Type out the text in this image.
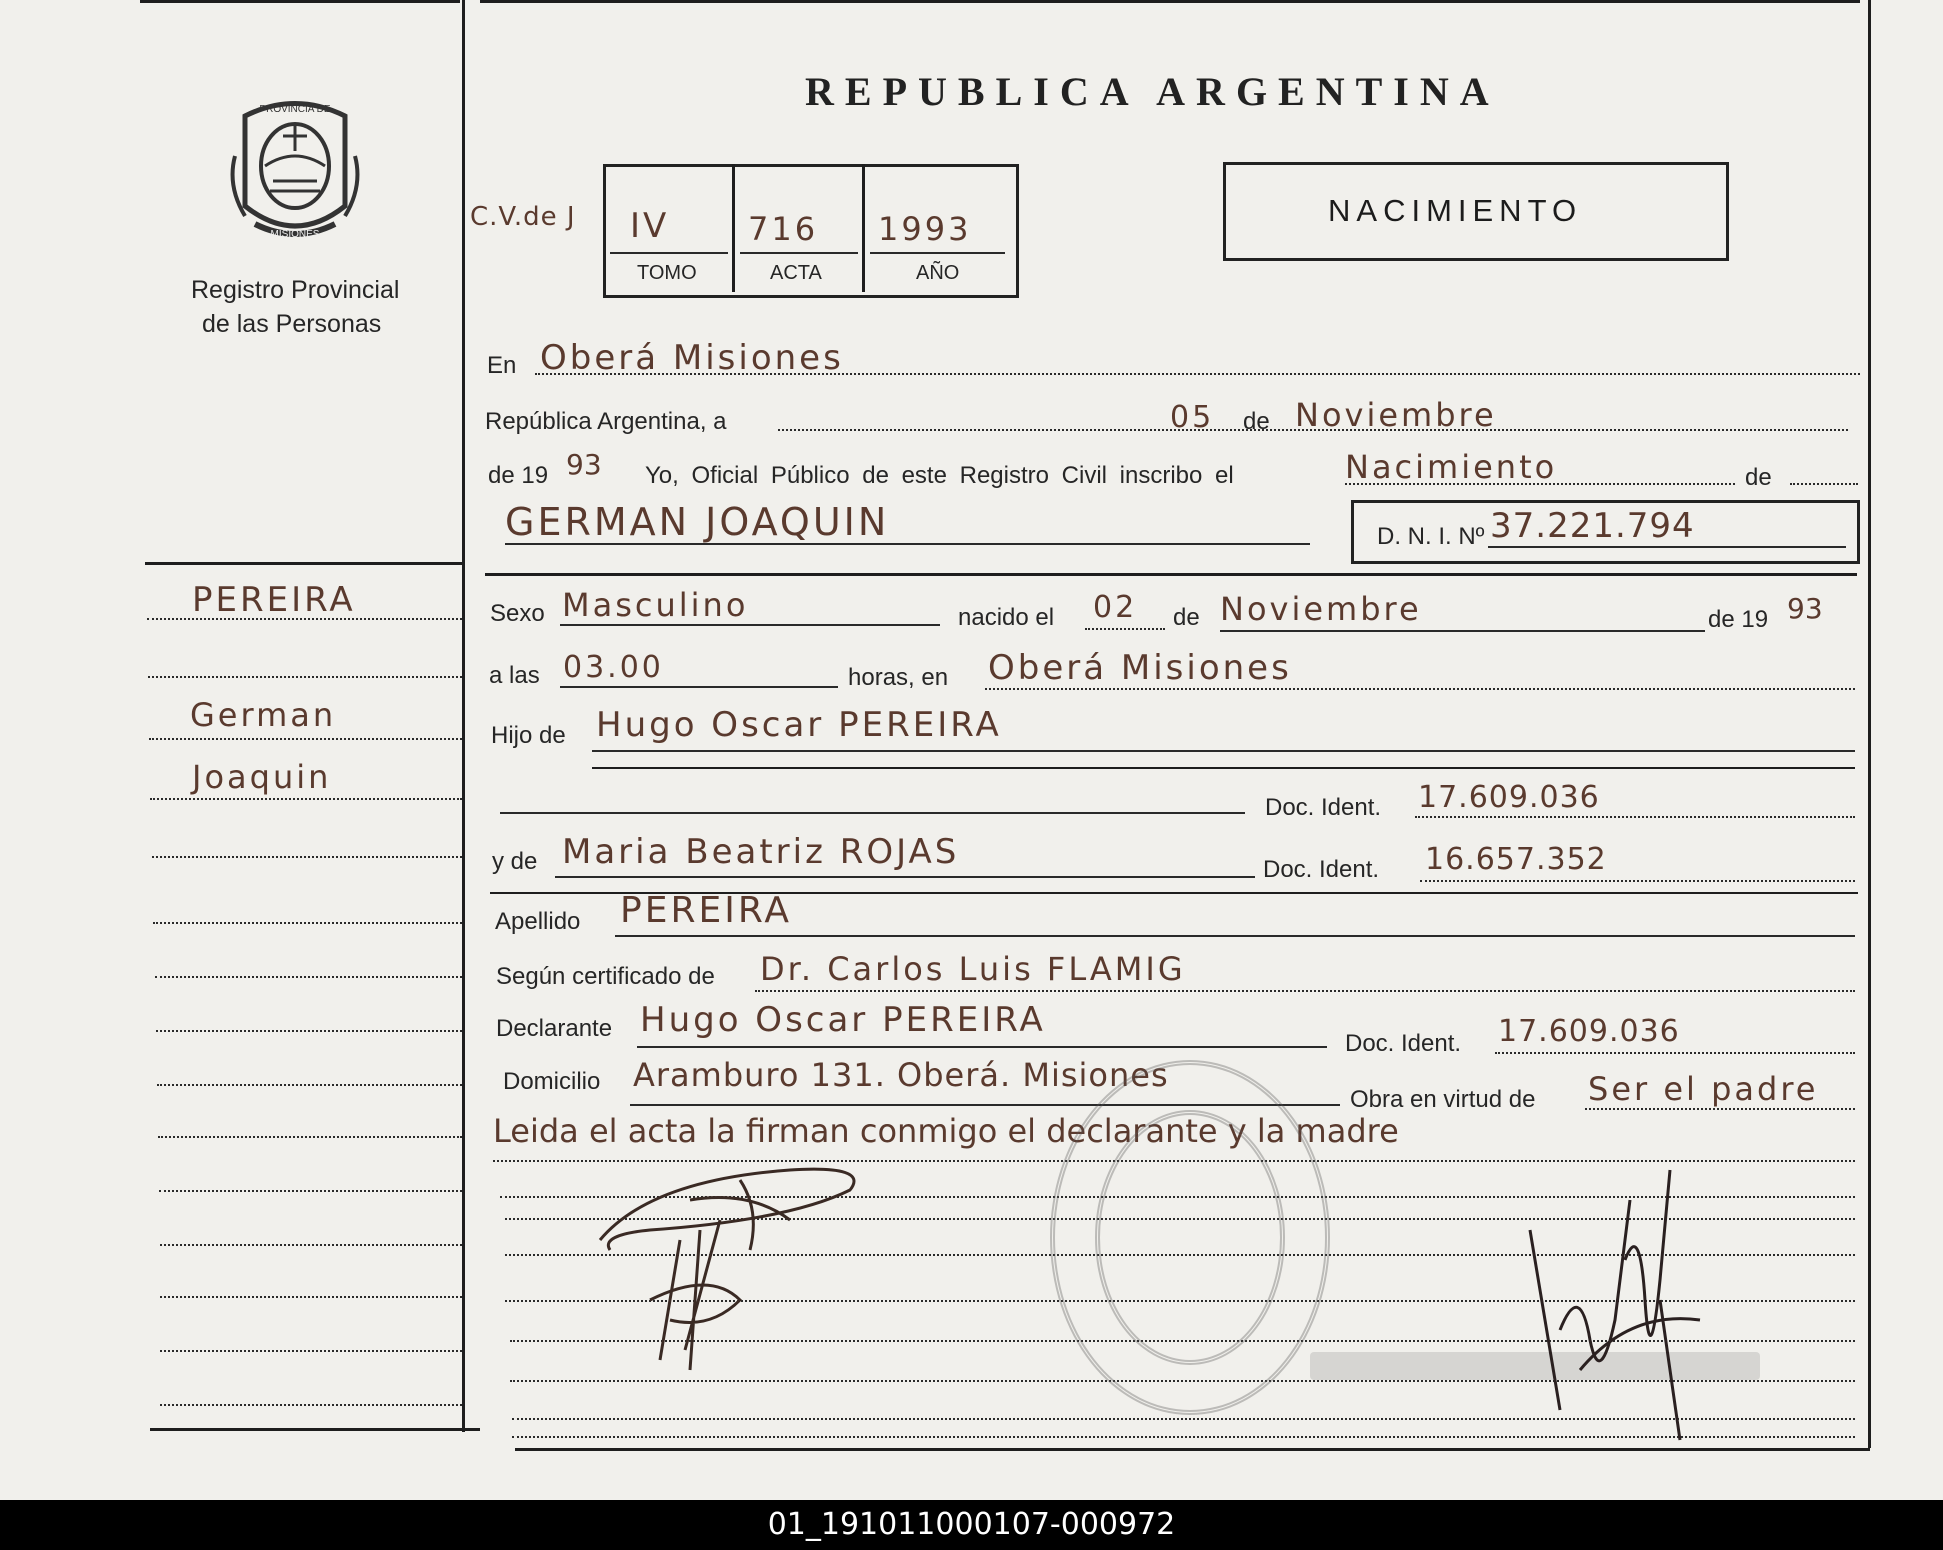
PROVINCIA DE
MISIONES
Registro Provincial
de las Personas
REPUBLICA ARGENTINA
C.V.de J IV 716 1993
TOMO	ACTA	AÑO
NACIMIENTO
En Oberá Misiones
República Argentina, a	05 de Noviembre
de 19 93 Yo, Oficial Público de este Registro Civil inscribo el	Nacimiento	de
GERMAN JOAQUIN	D. N. I. Nº 37.221.794
Sexo Masculino	nacido el 02 de Noviembre	de 19 93
a las 03.00	horas, en Oberá Misiones
Hijo de Hugo Oscar PEREIRA
Doc. Ident. 17.609.036
y de Maria Beatriz ROJAS	Doc. Ident. 16.657.352
Apellido PEREIRA
Según certificado de Dr. Carlos Luis FLAMIG
Declarante Hugo Oscar PEREIRA
Doc. Ident. 17.609.036
Domicilio Aramburo 131. Oberá. Misiones
Obra en virtud de Ser el padre
Leida el acta la firman conmigo el declarante y la madre
PEREIRA
German
Joaquin
01_191011000107-000972
